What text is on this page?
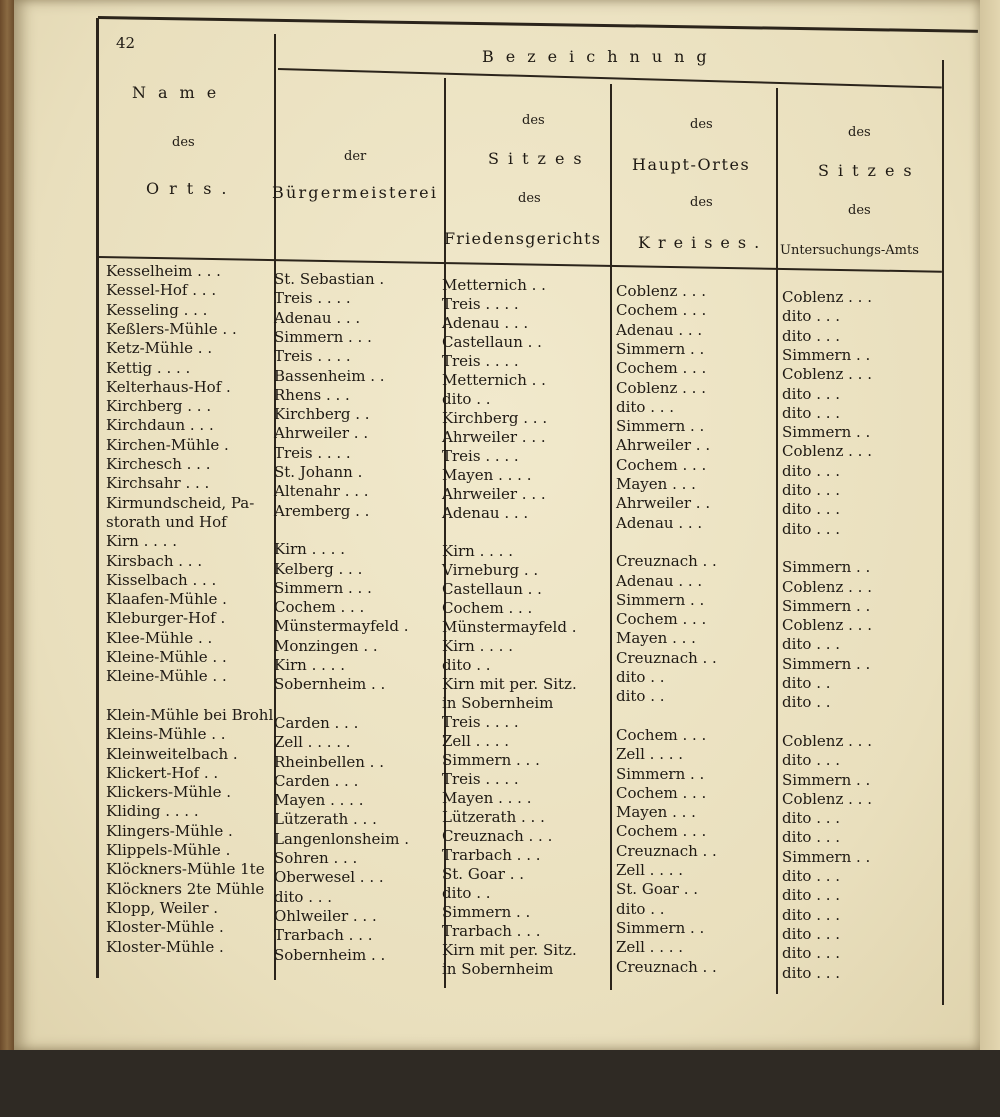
42
Bezeichnung
Name
des
Orts.
der
Bürgermeisterei
des
Sitzes
des
Friedensgerichts
des
Haupt-Ortes
des
Kreises.
des
Sitzes
des
Untersuchungs-Amts
Kesselheim . . .
Kessel-Hof . . .
Kesseling . . .
Keßlers-Mühle . .
Ketz-Mühle . .
Kettig . . . .
Kelterhaus-Hof .
Kirchberg . . .
Kirchdaun . . .
Kirchen-Mühle .
Kirchesch . . .
Kirchsahr . . .
Kirmundscheid, Pa-
storath und Hof
Kirn . . . .
Kirsbach . . .
Kisselbach . . .
Klaafen-Mühle .
Kleburger-Hof .
Klee-Mühle . .
Kleine-Mühle . .
Kleine-Mühle . .
Klein-Mühle bei Brohl
Kleins-Mühle . .
Kleinweitelbach .
Klickert-Hof . .
Klickers-Mühle .
Kliding . . . .
Klingers-Mühle .
Klippels-Mühle .
Klöckners-Mühle 1te
Klöckners 2te Mühle
Klopp, Weiler .
Kloster-Mühle .
Kloster-Mühle .
St. Sebastian .
Treis . . . .
Adenau . . .
Simmern . . .
Treis . . . .
Bassenheim . .
Rhens . . .
Kirchberg . .
Ahrweiler . .
Treis . . . .
St. Johann .
Altenahr . . .
Aremberg . .
Kirn . . . .
Kelberg . . .
Simmern . . .
Cochem . . .
Münstermayfeld .
Monzingen . .
Kirn . . . .
Sobernheim . .
Carden . . .
Zell . . . . .
Rheinbellen . .
Carden . . .
Mayen . . . .
Lützerath . . .
Langenlonsheim .
Sohren . . .
Oberwesel . . .
dito . . .
Ohlweiler . . .
Trarbach . . .
Sobernheim . .
Metternich . .
Treis . . . .
Adenau . . .
Castellaun . .
Treis . . . .
Metternich . .
dito . .
Kirchberg . . .
Ahrweiler . . .
Treis . . . .
Mayen . . . .
Ahrweiler . . .
Adenau . . .
Kirn . . . .
Virneburg . .
Castellaun . .
Cochem . . .
Münstermayfeld .
Kirn . . . .
dito . .
Kirn mit per. Sitz.
in Sobernheim
Treis . . . .
Zell . . . .
Simmern . . .
Treis . . . .
Mayen . . . .
Lützerath . . .
Creuznach . . .
Trarbach . . .
St. Goar . .
dito . .
Simmern . .
Trarbach . . .
Kirn mit per. Sitz.
in Sobernheim
Coblenz . . .
Cochem . . .
Adenau . . .
Simmern . .
Cochem . . .
Coblenz . . .
dito . . .
Simmern . .
Ahrweiler . .
Cochem . . .
Mayen . . .
Ahrweiler . .
Adenau . . .
Creuznach . .
Adenau . . .
Simmern . .
Cochem . . .
Mayen . . .
Creuznach . .
dito . .
dito . .
Cochem . . .
Zell . . . .
Simmern . .
Cochem . . .
Mayen . . .
Cochem . . .
Creuznach . .
Zell . . . .
St. Goar . .
dito . .
Simmern . .
Zell . . . .
Creuznach . .
Coblenz . . .
dito . . .
dito . . .
Simmern . .
Coblenz . . .
dito . . .
dito . . .
Simmern . .
Coblenz . . .
dito . . .
dito . . .
dito . . .
dito . . .
Simmern . .
Coblenz . . .
Simmern . .
Coblenz . . .
dito . . .
Simmern . .
dito . .
dito . .
Coblenz . . .
dito . . .
Simmern . .
Coblenz . . .
dito . . .
dito . . .
Simmern . .
dito . . .
dito . . .
dito . . .
dito . . .
dito . . .
dito . . .
